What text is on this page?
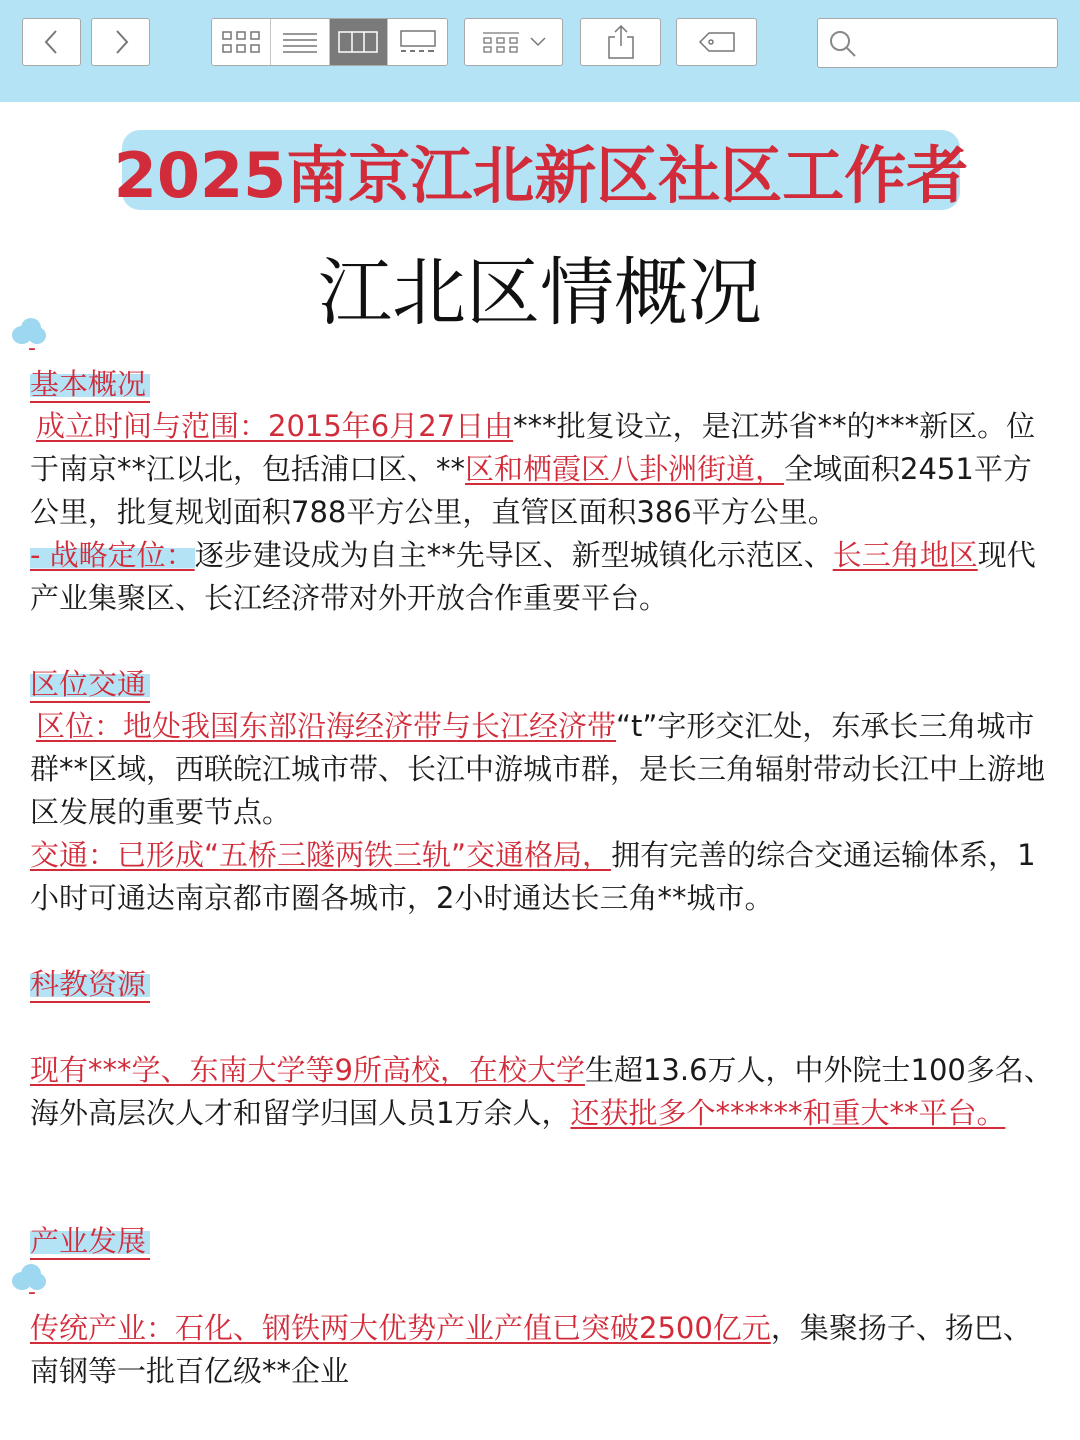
2025南京江北新区社区工作者
江北区情概况
-
基本概况
成立时间与范围：2015年6月27日由***批复设立，是江苏省**的***新区。位于南京**江以北，包括浦口区、**区和栖霞区八卦洲街道，全域面积2451平方公里，批复规划面积788平方公里，直管区面积386平方公里。
- 战略定位：逐步建设成为自主**先导区、新型城镇化示范区、长三角地区现代产业集聚区、长江经济带对外开放合作重要平台。
区位交通
区位：地处我国东部沿海经济带与长江经济带“t”字形交汇处，东承长三角城市群**区域，西联皖江城市带、长江中游城市群，是长三角辐射带动长江中上游地区发展的重要节点。
交通：已形成“五桥三隧两铁三轨”交通格局，拥有完善的综合交通运输体系，1小时可通达南京都市圈各城市，2小时通达长三角**城市。
科教资源
现有***学、东南大学等9所高校，在校大学生超13.6万人，中外院士100多名、海外高层次人才和留学归国人员1万余人，还获批多个******和重大**平台。
产业发展
-
传统产业：石化、钢铁两大优势产业产值已突破2500亿元，集聚扬子、扬巴、南钢等一批百亿级**企业
